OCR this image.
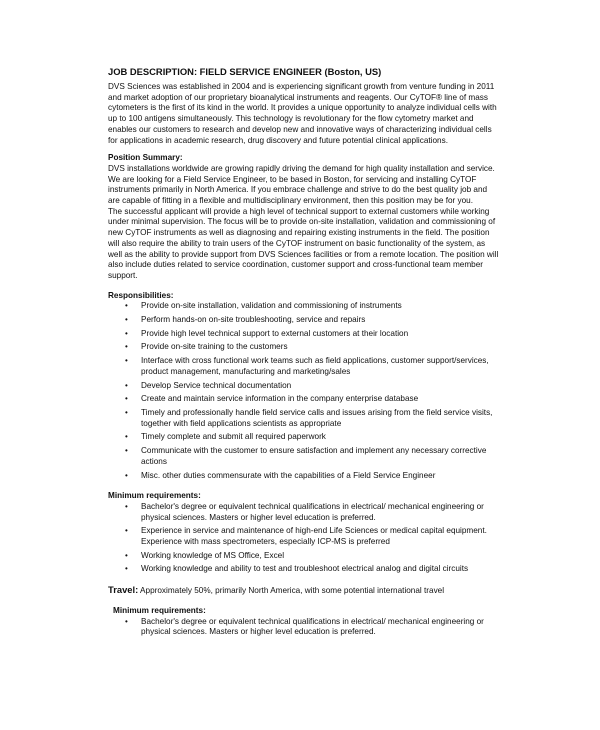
JOB DESCRIPTION: FIELD SERVICE ENGINEER (Boston, US)

DVS Sciences was established in 2004 and is experiencing significant growth from venture funding in 2011 and market adoption of our proprietary bioanalytical instruments and reagents. Our CyTOF® line of mass cytometers is the first of its kind in the world. It provides a unique opportunity to analyze individual cells with up to 100 antigens simultaneously. This technology is revolutionary for the flow cytometry market and enables our customers to research and develop new and innovative ways of characterizing individual cells for applications in academic research, drug discovery and future potential clinical applications.

Position Summary:

DVS installations worldwide are growing rapidly driving the demand for high quality installation and service. We are looking for a Field Service Engineer, to be based in Boston, for servicing and installing CyTOF instruments primarily in North America. If you embrace challenge and strive to do the best quality job and are capable of fitting in a flexible and multidisciplinary environment, then this position may be for you.

The successful applicant will provide a high level of technical support to external customers while working under minimal supervision. The focus will be to provide on-site installation, validation and commissioning of new CyTOF instruments as well as diagnosing and repairing existing instruments in the field. The position will also require the ability to train users of the CyTOF instrument on basic functionality of the system, as well as the ability to provide support from DVS Sciences facilities or from a remote location. The position will also include duties related to service coordination, customer support and cross-functional team member support.

Responsibilities:
• Provide on-site installation, validation and commissioning of instruments
• Perform hands-on on-site troubleshooting, service and repairs
• Provide high level technical support to external customers at their location
• Provide on-site training to the customers
• Interface with cross functional work teams such as field applications, customer support/services, product management, manufacturing and marketing/sales
• Develop Service technical documentation
• Create and maintain service information in the company enterprise database
• Timely and professionally handle field service calls and issues arising from the field service visits, together with field applications scientists as appropriate
• Timely complete and submit all required paperwork
• Communicate with the customer to ensure satisfaction and implement any necessary corrective actions
• Misc. other duties commensurate with the capabilities of a Field Service Engineer
Minimum requirements:
• Bachelor's degree or equivalent technical qualifications in electrical/ mechanical engineering or physical sciences. Masters or higher level education is preferred.
• Experience in service and maintenance of high-end Life Sciences or medical capital equipment. Experience with mass spectrometers, especially ICP-MS is preferred
• Working knowledge of MS Office, Excel
• Working knowledge and ability to test and troubleshoot electrical analog and digital circuits

Travel: Approximately 50%, primarily North America, with some potential international travel

Minimum requirements:
• Bachelor's degree or equivalent technical qualifications in electrical/ mechanical engineering or physical sciences. Masters or higher level education is preferred.
